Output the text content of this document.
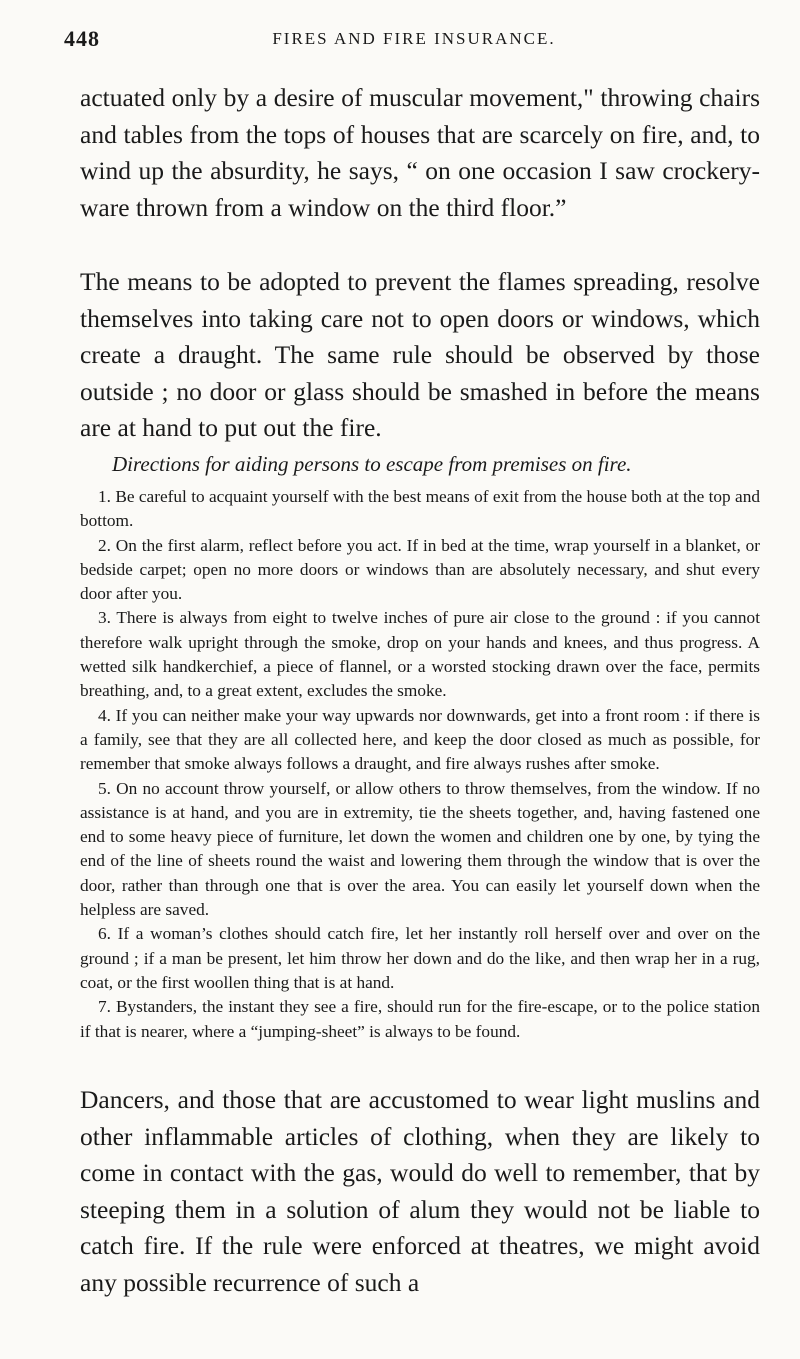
448	FIRES AND FIRE INSURANCE.

actuated only by a desire of muscular movement," throwing chairs and tables from the tops of houses that are scarcely on fire, and, to wind up the absurdity, he says, “ on one occasion I saw crockery-ware thrown from a window on the third floor.”

The means to be adopted to prevent the flames spreading, resolve themselves into taking care not to open doors or windows, which create a draught. The same rule should be observed by those outside ; no door or glass should be smashed in before the means are at hand to put out the fire.

Directions for aiding persons to escape from premises on fire.

1. Be careful to acquaint yourself with the best means of exit from the house both at the top and bottom.

2. On the first alarm, reflect before you act. If in bed at the time, wrap yourself in a blanket, or bedside carpet; open no more doors or windows than are absolutely necessary, and shut every door after you.

3. There is always from eight to twelve inches of pure air close to the ground : if you cannot therefore walk upright through the smoke, drop on your hands and knees, and thus progress. A wetted silk handkerchief, a piece of flannel, or a worsted stocking drawn over the face, permits breathing, and, to a great extent, excludes the smoke.

4. If you can neither make your way upwards nor downwards, get into a front room : if there is a family, see that they are all collected here, and keep the door closed as much as possible, for remember that smoke always follows a draught, and fire always rushes after smoke.

5. On no account throw yourself, or allow others to throw themselves, from the window. If no assistance is at hand, and you are in extremity, tie the sheets together, and, having fastened one end to some heavy piece of furniture, let down the women and children one by one, by tying the end of the line of sheets round the waist and lowering them through the window that is over the door, rather than through one that is over the area. You can easily let yourself down when the helpless are saved.

6. If a woman’s clothes should catch fire, let her instantly roll herself over and over on the ground ; if a man be present, let him throw her down and do the like, and then wrap her in a rug, coat, or the first woollen thing that is at hand.

7. Bystanders, the instant they see a fire, should run for the fire-escape, or to the police station if that is nearer, where a “jumping-sheet” is always to be found.

Dancers, and those that are accustomed to wear light muslins and other inflammable articles of clothing, when they are likely to come in contact with the gas, would do well to remember, that by steeping them in a solution of alum they would not be liable to catch fire. If the rule were enforced at theatres, we might avoid any possible recurrence of such a
